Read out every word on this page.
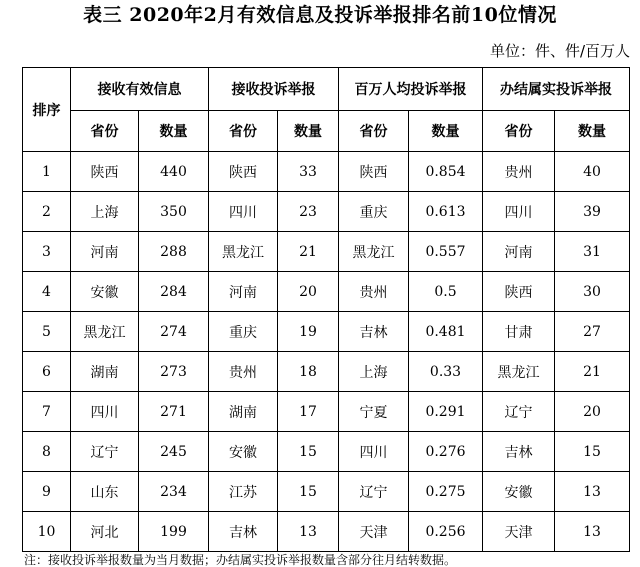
表三 2020年2月有效信息及投诉举报排名前10位情况
单位：件、件/百万人
排序	接收有效信息		接收投诉举报		百万人均投诉举报		办结属实投诉举报	
	省份	数量	省份	数量	省份	数量	省份	数量
1	陕西	440	陕西	33	陕西	0.854	贵州	40
2	上海	350	四川	23	重庆	0.613	四川	39
3	河南	288	黑龙江	21	黑龙江	0.557	河南	31
4	安徽	284	河南	20	贵州	0.5	陕西	30
5	黑龙江	274	重庆	19	吉林	0.481	甘肃	27
6	湖南	273	贵州	18	上海	0.33	黑龙江	21
7	四川	271	湖南	17	宁夏	0.291	辽宁	20
8	辽宁	245	安徽	15	四川	0.276	吉林	15
9	山东	234	江苏	15	辽宁	0.275	安徽	13
10	河北	199	吉林	13	天津	0.256	天津	13
注：接收投诉举报数量为当月数据；办结属实投诉举报数量含部分往月结转数据。
